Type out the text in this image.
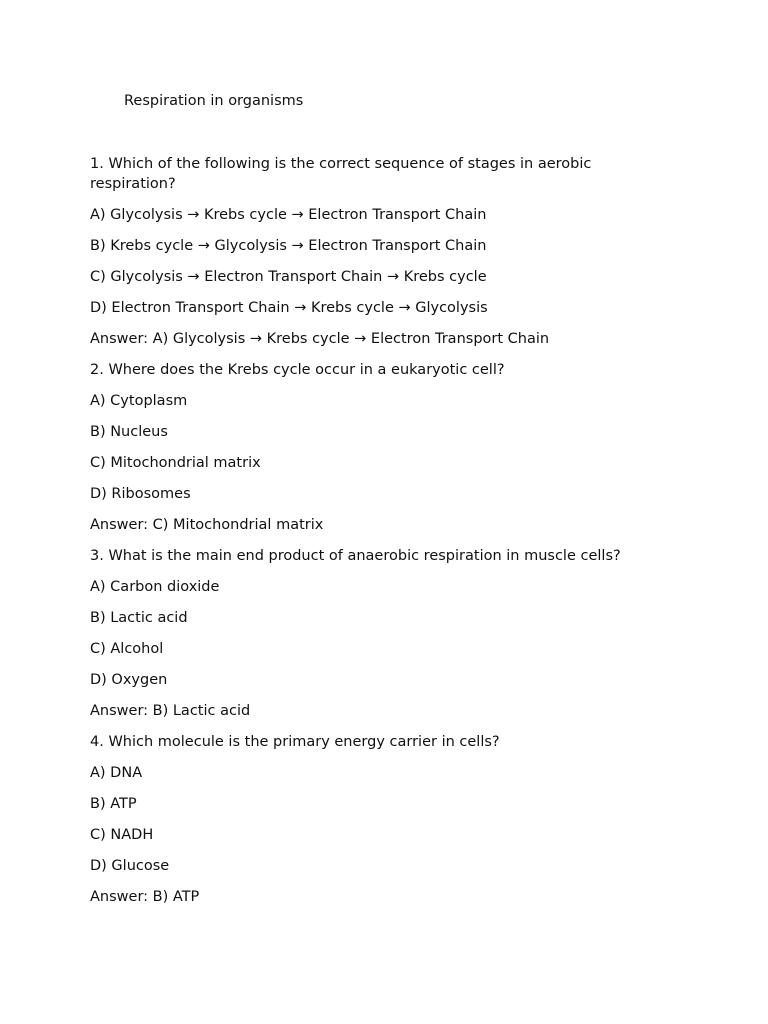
Respiration in organisms

1. Which of the following is the correct sequence of stages in aerobic respiration?

A) Glycolysis → Krebs cycle → Electron Transport Chain

B) Krebs cycle → Glycolysis → Electron Transport Chain

C) Glycolysis → Electron Transport Chain → Krebs cycle

D) Electron Transport Chain → Krebs cycle → Glycolysis

Answer: A) Glycolysis → Krebs cycle → Electron Transport Chain

2. Where does the Krebs cycle occur in a eukaryotic cell?

A) Cytoplasm

B) Nucleus

C) Mitochondrial matrix

D) Ribosomes

Answer: C) Mitochondrial matrix

3. What is the main end product of anaerobic respiration in muscle cells?

A) Carbon dioxide

B) Lactic acid

C) Alcohol

D) Oxygen

Answer: B) Lactic acid

4. Which molecule is the primary energy carrier in cells?

A) DNA

B) ATP

C) NADH

D) Glucose

Answer: B) ATP
